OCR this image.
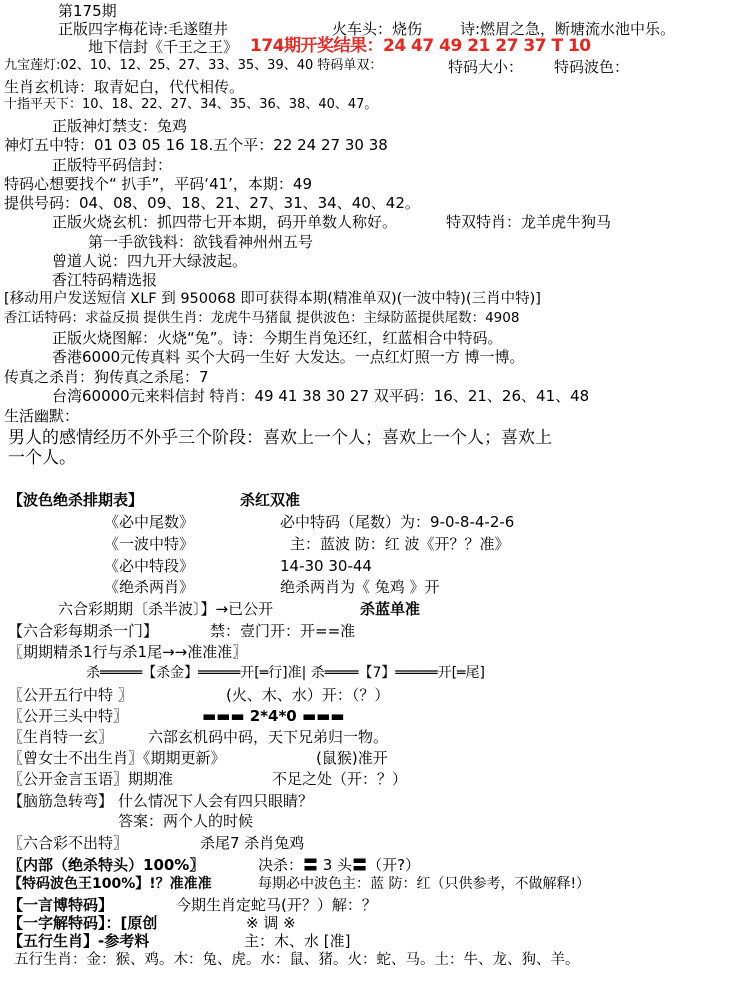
第175期
正版四字梅花诗:毛遂堕井	火车头：烧伤	诗:燃眉之急，断塘流水池中乐。
地下信封《千王之王》 174期开奖结果：24 47 49 21 27 37 T 10
九宝莲灯:02、10、12、25、27、33、35、39、40 特码单双：	特码大小： 特码波色：
生肖玄机诗：取青妃白，代代相传。
十指平天下：10、18、22、27、34、35、36、38、40、47。
正版神灯禁支：兔鸡
神灯五中特：01 03 05 16 18.五个平：22 24 27 30 38
正版特平码信封：
特码心想要找个“ 扒手”，平码‘41’，本期：49
提供号码：04、08、09、18、21、27、31、34、40、42。
正版火烧玄机：抓四带七开本期，码开单数人称好。	特双特肖：龙羊虎牛狗马
第一手欲钱料：欲钱看神州州五号
曾道人说：四九开大绿波起。
香江特码精选报
[移动用户发送短信 XLF 到 950068 即可获得本期(精准单双)(一波中特)(三肖中特)]
香江话特码：求益反损 提供生肖：龙虎牛马猪鼠 提供波色：主绿防蓝提供尾数：4908
正版火烧图解：火烧“兔”。诗：今期生肖兔还红，红蓝相合中特码。
香港6000元传真料 买个大码一生好 大发达。一点红灯照一方 博一博。
传真之杀肖：狗传真之杀尾：7
台湾60000元来料信封 特肖：49 41 38 30 27 双平码：16、21、26、41、48
生活幽默：
男人的感情经历不外乎三个阶段：喜欢上一个人；喜欢上一个人；喜欢上
一个人。
【波色绝杀排期表】	杀红双准
《必中尾数》	必中特码（尾数）为：9-0-8-4-2-6
《一波中特》	主：蓝波 防：红 波《开？？准》
《必中特段》	14-30 30-44
《绝杀两肖》	绝杀两肖为《 兔鸡 》开
六合彩期期〔杀半波〕】→已公开	杀蓝单准
【六合彩每期杀一门】	禁：壹门开：开==准
〖期期精杀1行与杀1尾→→准准准〗
杀═════【杀金】═════开[═行]准| 杀════【7】═════开[═尾]
〖公开五行中特 〗	(火、木、水）开：（？）
〖公开三头中特〗	▬▬▬ 2*4*0 ▬▬▬
〖生肖特一玄〗 六部玄机码中码，天下兄弟归一物。
〖曾女士不出生肖〗《期期更新》	(鼠猴)准开
〖公开金言玉语〗期期准	不足之处（开：？）
【脑筋急转弯】 什么情况下人会有四只眼睛？
答案：两个人的时候
〖六合彩不出特〗	杀尾7 杀肖兔鸡
〖内部（绝杀特头）100%〗	决杀：〓 3 头〓（开?）
【特码波色王100%】!？准准准	每期必中波色主：蓝 防：红（只供参考，不做解释!）
【一言博特码】	今期生肖定蛇马(开？）解：？
【一字解特码】：[原创	※ 调 ※
【五行生肖】-参考料	主：木、水 [准]
五行生肖：金：猴、鸡。木：兔、虎。水：鼠、猪。火：蛇、马。土：牛、龙、狗、羊。
